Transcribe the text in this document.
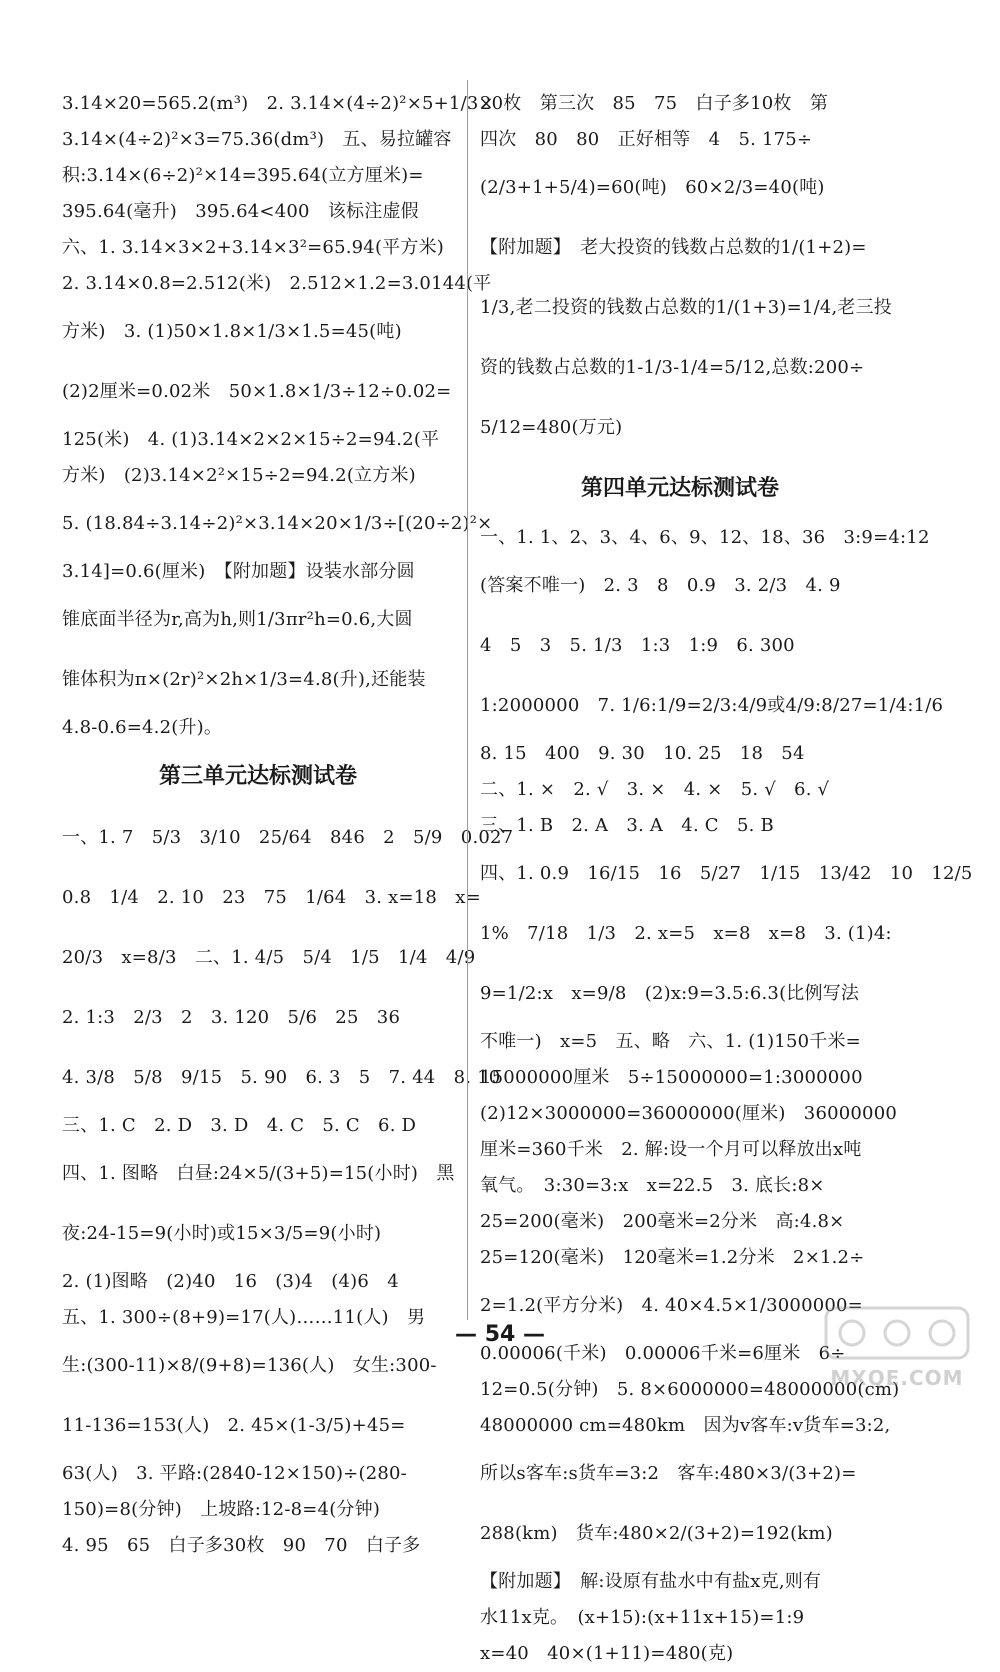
3.14×20=565.2(m³)　2. 3.14×(4÷2)²×5+1/3×
3.14×(4÷2)²×3=75.36(dm³)　五、易拉罐容
积:3.14×(6÷2)²×14=395.64(立方厘米)=
395.64(毫升)　395.64<400　该标注虚假
六、1. 3.14×3×2+3.14×3²=65.94(平方米)
2. 3.14×0.8=2.512(米)　2.512×1.2=3.0144(平
方米)　3. (1)50×1.8×1/3×1.5=45(吨)
(2)2厘米=0.02米　50×1.8×1/3÷12÷0.02=
125(米)　4. (1)3.14×2×2×15÷2=94.2(平
方米)　(2)3.14×2²×15÷2=94.2(立方米)
5. (18.84÷3.14÷2)²×3.14×20×1/3÷[(20÷2)²×
3.14]=0.6(厘米)　【附加题】设装水部分圆
锥底面半径为r,高为h,则1/3πr²h=0.6,大圆
锥体积为π×(2r)²×2h×1/3=4.8(升),还能装
4.8-0.6=4.2(升)。
第三单元达标测试卷
一、1. 7　5/3　3/10　25/64　846　2　5/9　0.027
0.8　1/4　2. 10　23　75　1/64　3. x=18　x=
20/3　x=8/3　二、1. 4/5　5/4　1/5　1/4　4/9
2. 1:3　2/3　2　3. 120　5/6　25　36
4. 3/8　5/8　9/15　5. 90　6. 3　5　7. 44　8. 10
三、1. C　2. D　3. D　4. C　5. C　6. D
四、1. 图略　白昼:24×5/(3+5)=15(小时)　黑
夜:24-15=9(小时)或15×3/5=9(小时)
2. (1)图略　(2)40　16　(3)4　(4)6　4
五、1. 300÷(8+9)=17(人)……11(人)　男
生:(300-11)×8/(9+8)=136(人)　女生:300-
11-136=153(人)　2. 45×(1-3/5)+45=
63(人)　3. 平路:(2840-12×150)÷(280-
150)=8(分钟)　上坡路:12-8=4(分钟)
4. 95　65　白子多30枚　90　70　白子多
20枚　第三次　85　75　白子多10枚　第
四次　80　80　正好相等　4　5. 175÷
(2/3+1+5/4)=60(吨)　60×2/3=40(吨)
【附加题】　老大投资的钱数占总数的1/(1+2)=
1/3,老二投资的钱数占总数的1/(1+3)=1/4,老三投
资的钱数占总数的1-1/3-1/4=5/12,总数:200÷
5/12=480(万元)
第四单元达标测试卷
一、1. 1、2、3、4、6、9、12、18、36　3:9=4:12
(答案不唯一)　2. 3　8　0.9　3. 2/3　4. 9
4　5　3　5. 1/3　1:3　1:9　6. 300
1:2000000　7. 1/6:1/9=2/3:4/9或4/9:8/27=1/4:1/6
8. 15　400　9. 30　10. 25　18　54
二、1. ×　2. √　3. ×　4. ×　5. √　6. √
三、1. B　2. A　3. A　4. C　5. B
四、1. 0.9　16/15　16　5/27　1/15　13/42　10　12/5
1%　7/18　1/3　2. x=5　x=8　x=8　3. (1)4:
9=1/2:x　x=9/8　(2)x:9=3.5:6.3(比例写法
不唯一)　x=5　五、略　六、1. (1)150千米=
15000000厘米　5÷15000000=1:3000000
(2)12×3000000=36000000(厘米)　36000000
厘米=360千米　2. 解:设一个月可以释放出x吨
氧气。　3:30=3:x　x=22.5　3. 底长:8×
25=200(毫米)　200毫米=2分米　高:4.8×
25=120(毫米)　120毫米=1.2分米　2×1.2÷
2=1.2(平方分米)　4. 40×4.5×1/3000000=
0.00006(千米)　0.00006千米=6厘米　6÷
12=0.5(分钟)　5. 8×6000000=48000000(cm)
48000000 cm=480km　因为v客车:v货车=3:2,
所以s客车:s货车=3:2　客车:480×3/(3+2)=
288(km)　货车:480×2/(3+2)=192(km)
【附加题】　解:设原有盐水中有盐x克,则有
水11x克。　(x+15):(x+11x+15)=1:9
x=40　40×(1+11)=480(克)
— 54 —
MXQE.COM
